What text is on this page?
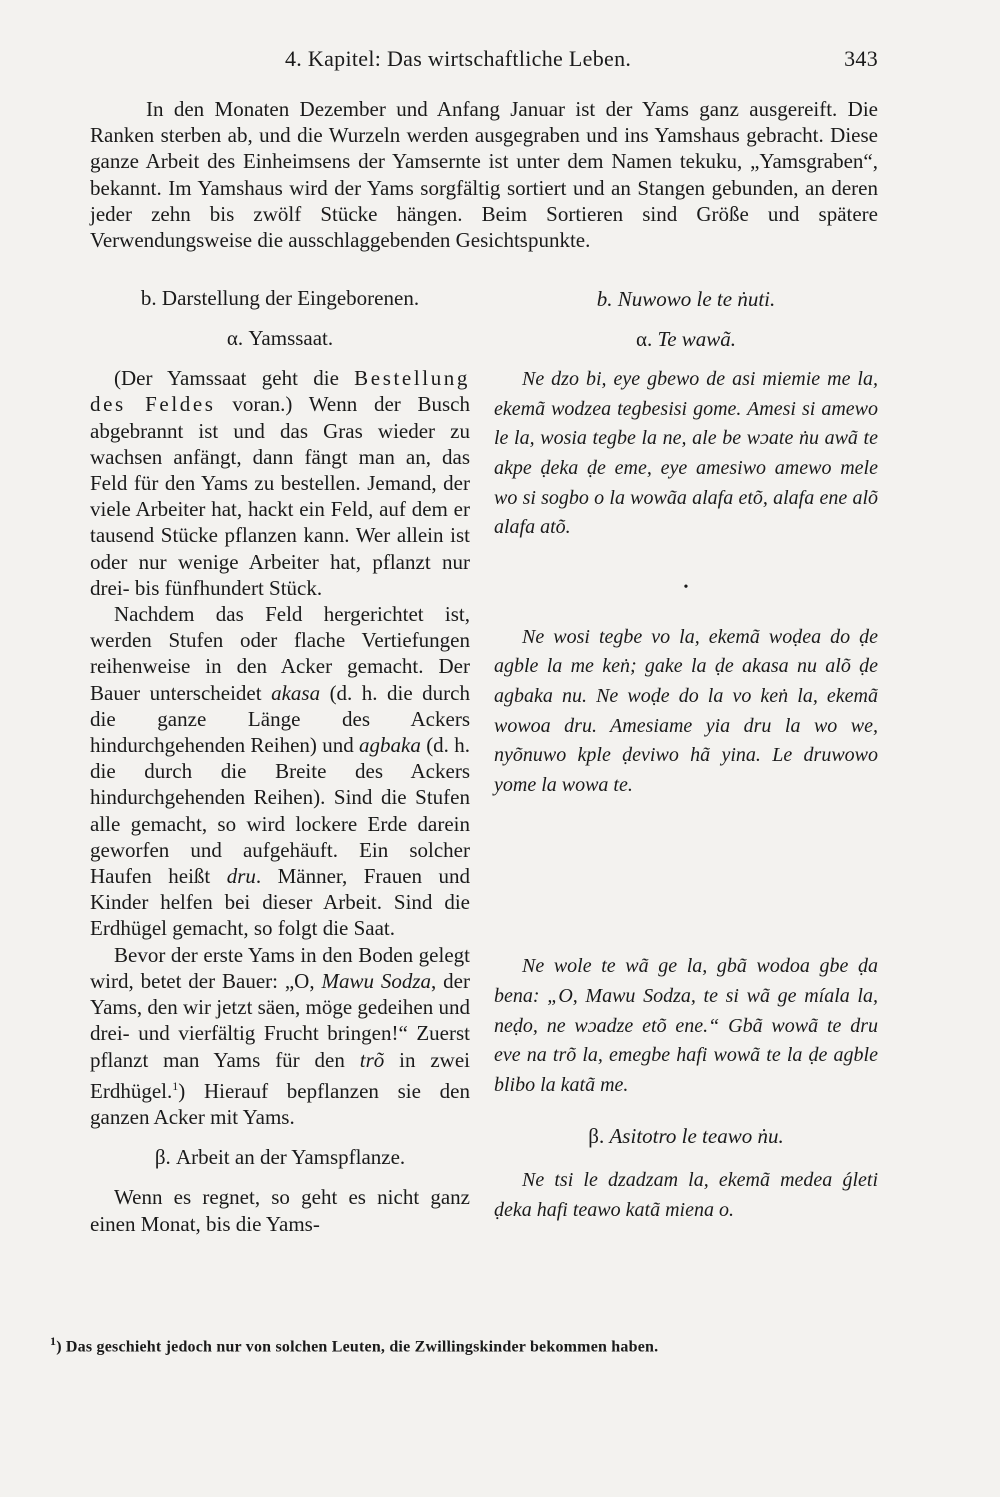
4. Kapitel: Das wirtschaftliche Leben.	343

In den Monaten Dezember und Anfang Januar ist der Yams ganz ausgereift. Die Ranken sterben ab, und die Wurzeln werden ausgegraben und ins Yamshaus gebracht. Diese ganze Arbeit des Einheimsens der Yamsernte ist unter dem Namen tekuku, „Yamsgraben“, bekannt. Im Yamshaus wird der Yams sorgfältig sortiert und an Stangen gebunden, an deren jeder zehn bis zwölf Stücke hängen. Beim Sortieren sind Größe und spätere Verwendungsweise die ausschlaggebenden Gesichtspunkte.

b. Darstellung der Eingeborenen.
α. Yamssaat.

(Der Yamssaat geht die Bestellung des Feldes voran.) Wenn der Busch abgebrannt ist und das Gras wieder zu wachsen anfängt, dann fängt man an, das Feld für den Yams zu bestellen. Jemand, der viele Arbeiter hat, hackt ein Feld, auf dem er tausend Stücke pflanzen kann. Wer allein ist oder nur wenige Arbeiter hat, pflanzt nur drei- bis fünfhundert Stück.

Nachdem das Feld hergerichtet ist, werden Stufen oder flache Vertiefungen reihenweise in den Acker gemacht. Der Bauer unterscheidet akasa (d. h. die durch die ganze Länge des Ackers hindurchgehenden Reihen) und agbaka (d. h. die durch die Breite des Ackers hindurchgehenden Reihen). Sind die Stufen alle gemacht, so wird lockere Erde darein geworfen und aufgehäuft. Ein solcher Haufen heißt dru. Männer, Frauen und Kinder helfen bei dieser Arbeit. Sind die Erdhügel gemacht, so folgt die Saat.

Bevor der erste Yams in den Boden gelegt wird, betet der Bauer: „O, Mawu Sodza, der Yams, den wir jetzt säen, möge gedeihen und drei- und vierfältig Frucht bringen!“ Zuerst pflanzt man Yams für den trõ in zwei Erdhügel.$^1$) Hierauf bepflanzen sie den ganzen Acker mit Yams.

β. Arbeit an der Yamspflanze.

Wenn es regnet, so geht es nicht ganz einen Monat, bis die Yams-

b. Nuwowo le te ṅuti.
α. Te wawã.

Ne dzo bi, eye gbewo de asi miemie me la, ekemã wodzea tegbesisi gome. Amesi si amewo le la, wosia tegbe la ne, ale be wɔate ṅu awã te akpe ḍeka ḍe eme, eye amesiwo amewo mele wo si sogbo o la wowãa alafa etõ, alafa ene alõ alafa atõ.

•

Ne wosi tegbe vo la, ekemã woḍea do ḍe agble la me keṅ; gake la ḍe akasa nu alõ ḍe agbaka nu. Ne woḍe do la vo keṅ la, ekemã wowoa dru. Amesiame yia dru la wo we, nyõnuwo kple ḍeviwo hã yina. Le druwowo yome la wowa te.

Ne wole te wã ge la, gbã wodoa gbe ḍa bena: „O, Mawu Sodza, te si wã ge míala la, neḍo, ne wɔadze etõ ene.“ Gbã wowã te dru eve na trõ la, emegbe hafi wowã te la ḍe agble blibo la katã me.

β. Asitotro le teawo ṅu.

Ne tsi le dzadzam la, ekemã medea ǵleti ḍeka hafi teawo katã miena o.

$^1$) Das geschieht jedoch nur von solchen Leuten, die Zwillingskinder bekommen haben.
